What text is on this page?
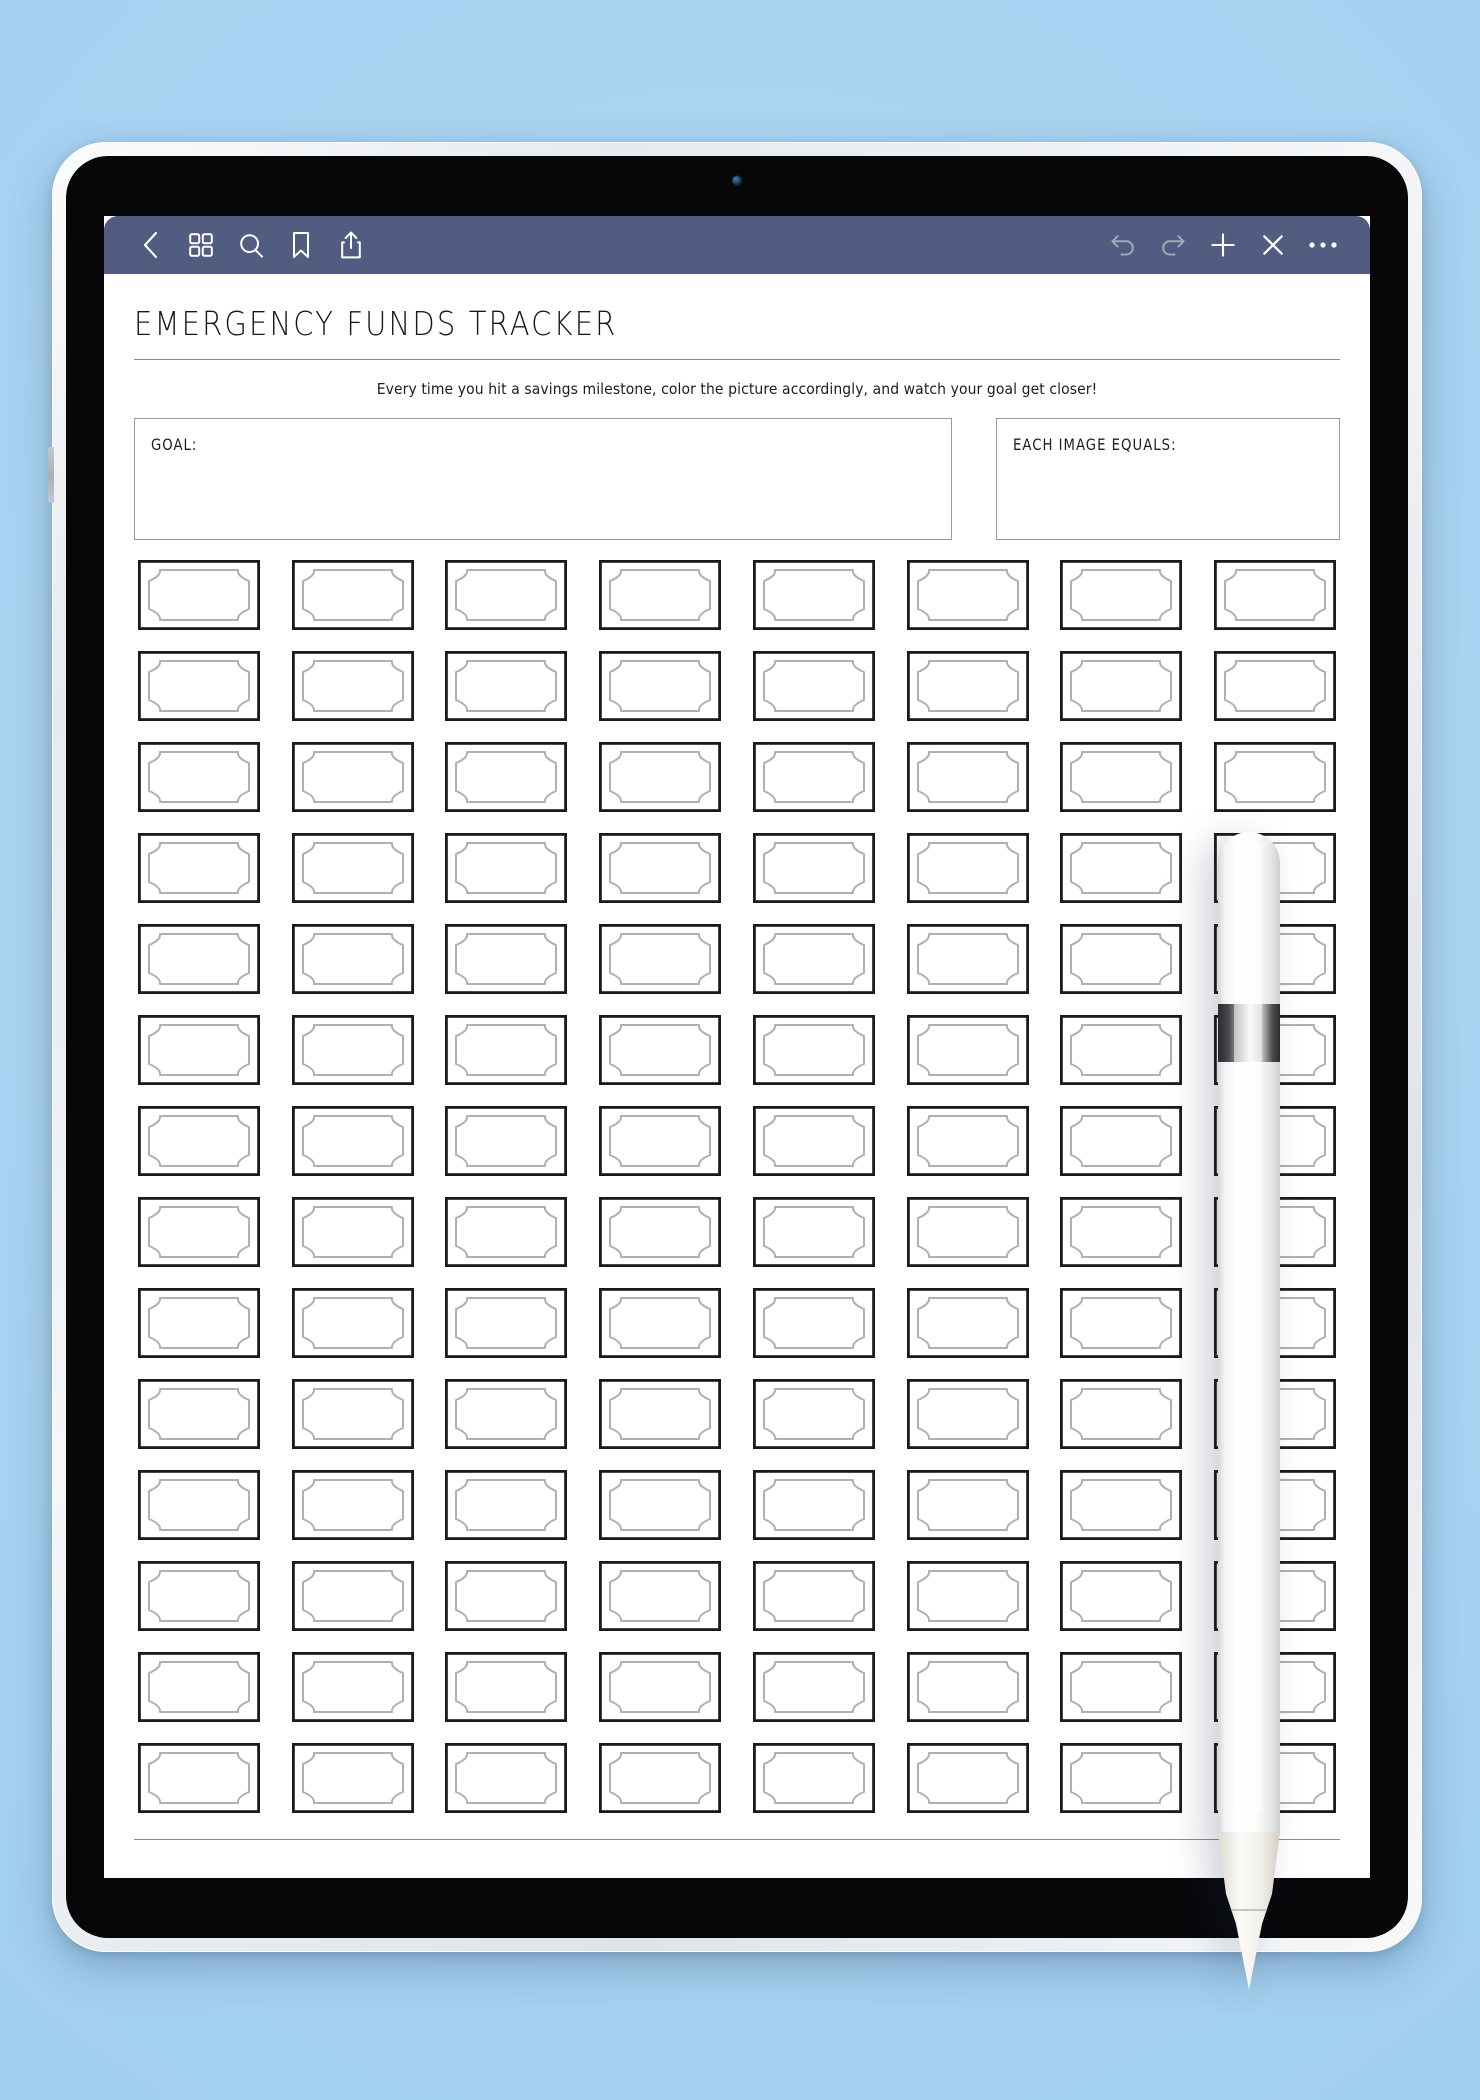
EMERGENCY FUNDS TRACKER
Every time you hit a savings milestone, color the picture accordingly, and watch your goal get closer!
GOAL:	EACH IMAGE EQUALS:
